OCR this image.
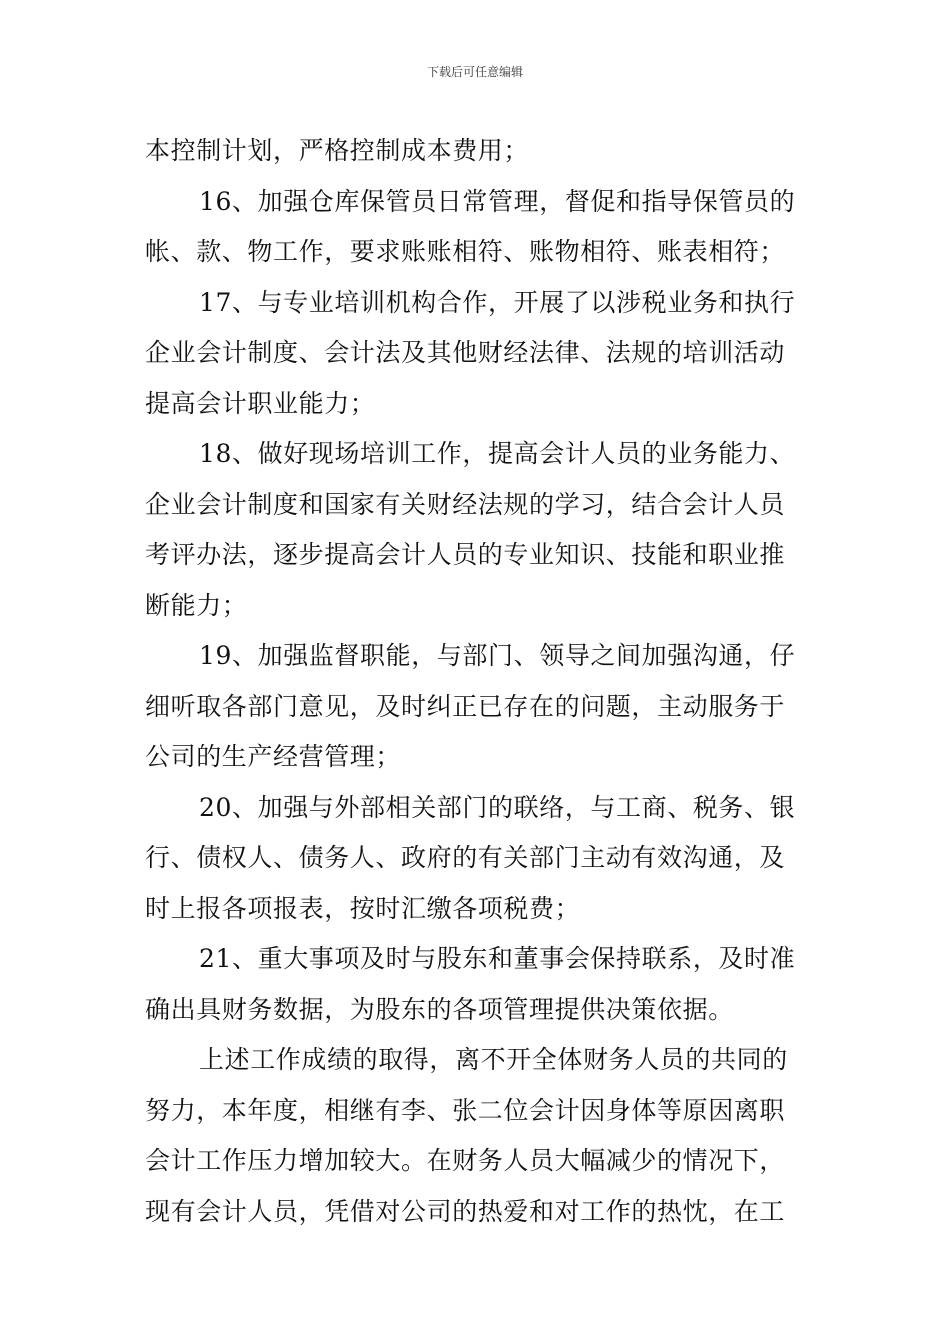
下载后可任意编辑
本控制计划，严格控制成本费用；
16、加强仓库保管员日常管理，督促和指导保管员的
帐、款、物工作，要求账账相符、账物相符、账表相符；
17、与专业培训机构合作，开展了以涉税业务和执行
企业会计制度、会计法及其他财经法律、法规的培训活动
提高会计职业能力；
18、做好现场培训工作，提高会计人员的业务能力、
企业会计制度和国家有关财经法规的学习，结合会计人员
考评办法，逐步提高会计人员的专业知识、技能和职业推
断能力；
19、加强监督职能，与部门、领导之间加强沟通，仔
细听取各部门意见，及时纠正已存在的问题，主动服务于
公司的生产经营管理；
20、加强与外部相关部门的联络，与工商、税务、银
行、债权人、债务人、政府的有关部门主动有效沟通，及
时上报各项报表，按时汇缴各项税费；
21、重大事项及时与股东和董事会保持联系，及时准
确出具财务数据，为股东的各项管理提供决策依据。
上述工作成绩的取得，离不开全体财务人员的共同的
努力，本年度，相继有李、张二位会计因身体等原因离职
会计工作压力增加较大。在财务人员大幅减少的情况下，
现有会计人员，凭借对公司的热爱和对工作的热忱，在工
